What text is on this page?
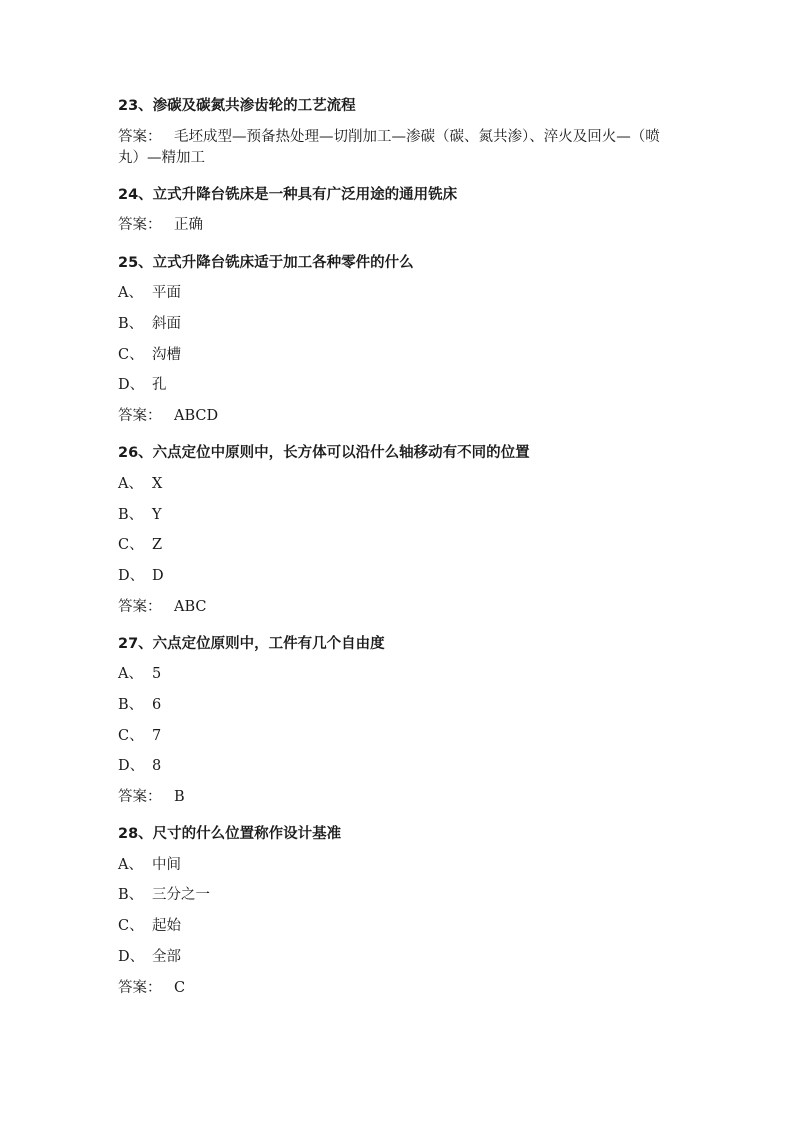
23、渗碳及碳氮共渗齿轮的工艺流程
答案： 毛坯成型—预备热处理—切削加工—渗碳（碳、氮共渗）、淬火及回火—（喷丸）—精加工
24、立式升降台铣床是一种具有广泛用途的通用铣床
答案： 正确
25、立式升降台铣床适于加工各种零件的什么
A、 平面
B、 斜面
C、 沟槽
D、 孔
答案： ABCD
26、六点定位中原则中，长方体可以沿什么轴移动有不同的位置
A、 X
B、 Y
C、 Z
D、 D
答案： ABC
27、六点定位原则中，工件有几个自由度
A、 5
B、 6
C、 7
D、 8
答案： B
28、尺寸的什么位置称作设计基准
A、 中间
B、 三分之一
C、 起始
D、 全部
答案： C
